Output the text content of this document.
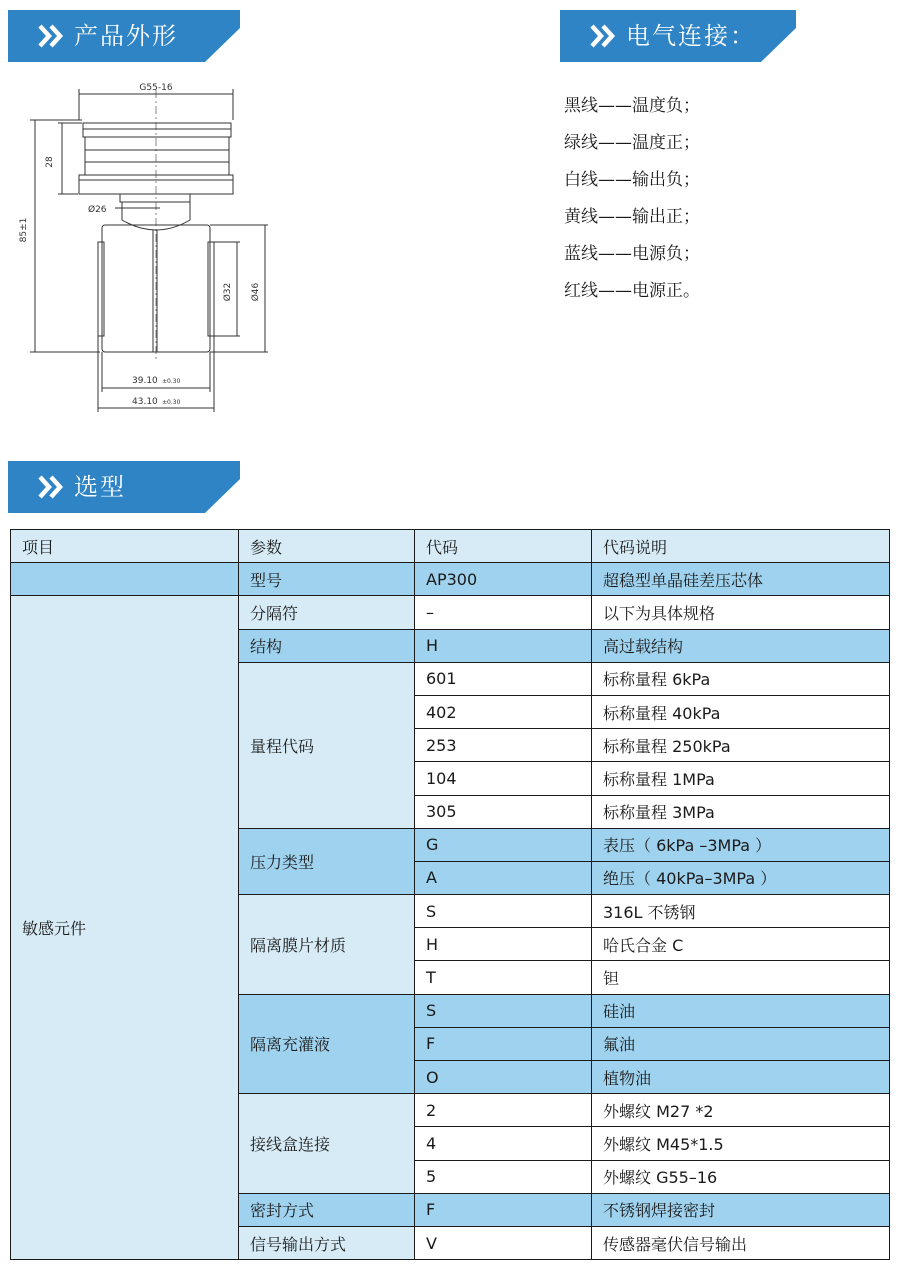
产品外形	电气连接：
G55-16
28
85±1
Ø26
Ø32 Ø46
39.10 ±0.30
43.10 ±0.30
黑线——温度负；
绿线——温度正；
白线——输出负；
黄线——输出正；
蓝线——电源负；
红线——电源正。
选型
项目	参数	代码	代码说明
	型号	AP300	超稳型单晶硅差压芯体
敏感元件	分隔符	–	以下为具体规格
	结构	H	高过载结构
	量程代码	601	标称量程 6kPa
		402	标称量程 40kPa
		253	标称量程 250kPa
		104	标称量程 1MPa
		305	标称量程 3MPa
	压力类型	G	表压（ 6kPa –3MPa ）
		A	绝压（ 40kPa–3MPa ）
	隔离膜片材质	S	316L 不锈钢
		H	哈氏合金 C
		T	钽
	隔离充灌液	S	硅油
		F	氟油
		O	植物油
	接线盒连接	2	外螺纹 M27 *2
		4	外螺纹 M45*1.5
		5	外螺纹 G55–16
	密封方式	F	不锈钢焊接密封
	信号输出方式	V	传感器毫伏信号输出
